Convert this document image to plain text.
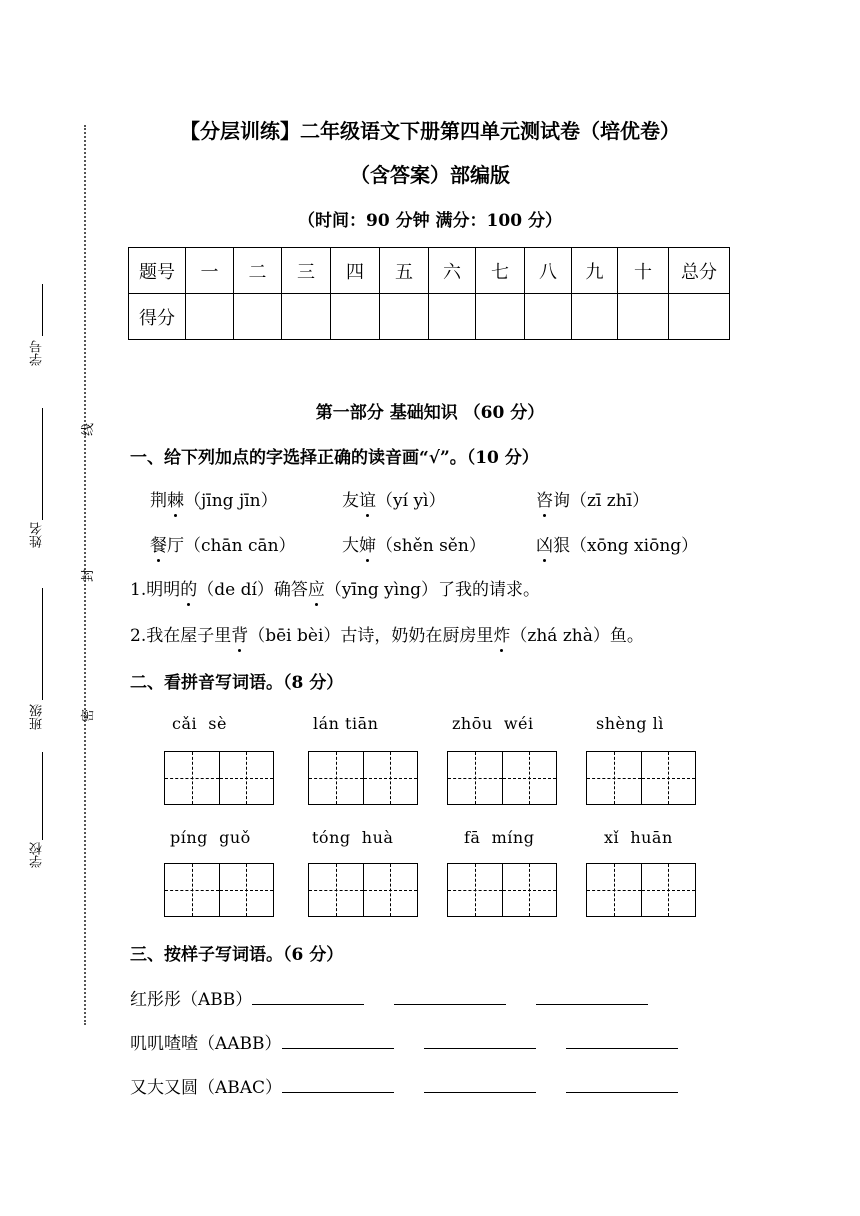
学号
姓名
班级
学校
线
封
密
【分层训练】二年级语文下册第四单元测试卷（培优卷）
（含答案）部编版
（时间：90 分钟 满分：100 分）
题号	一	二	三	四	五	六	七	八	九	十	总分
得分											
第一部分 基础知识 （60 分）
一、给下列加点的字选择正确的读音画“√”。（10 分）
荆棘（jīng jīn）	友谊（yí yì）	咨询（zī zhī）
餐厅（chān cān）	大婶（shěn sěn）	凶狠（xōng xiōng）
1.明明的（de dí）确答应（yīng yìng）了我的请求。
2.我在屋子里背（bēi bèi）古诗，奶奶在厨房里炸（zhá zhà）鱼。
二、看拼音写词语。（8 分）
cǎi  sè	lán tiān	zhōu  wéi	shèng lì
píng  guǒ	tóng  huà	fā  míng	xǐ  huān
三、按样子写词语。（6 分）
红彤彤（ABB）
叽叽喳喳（AABB）
又大又圆（ABAC）
